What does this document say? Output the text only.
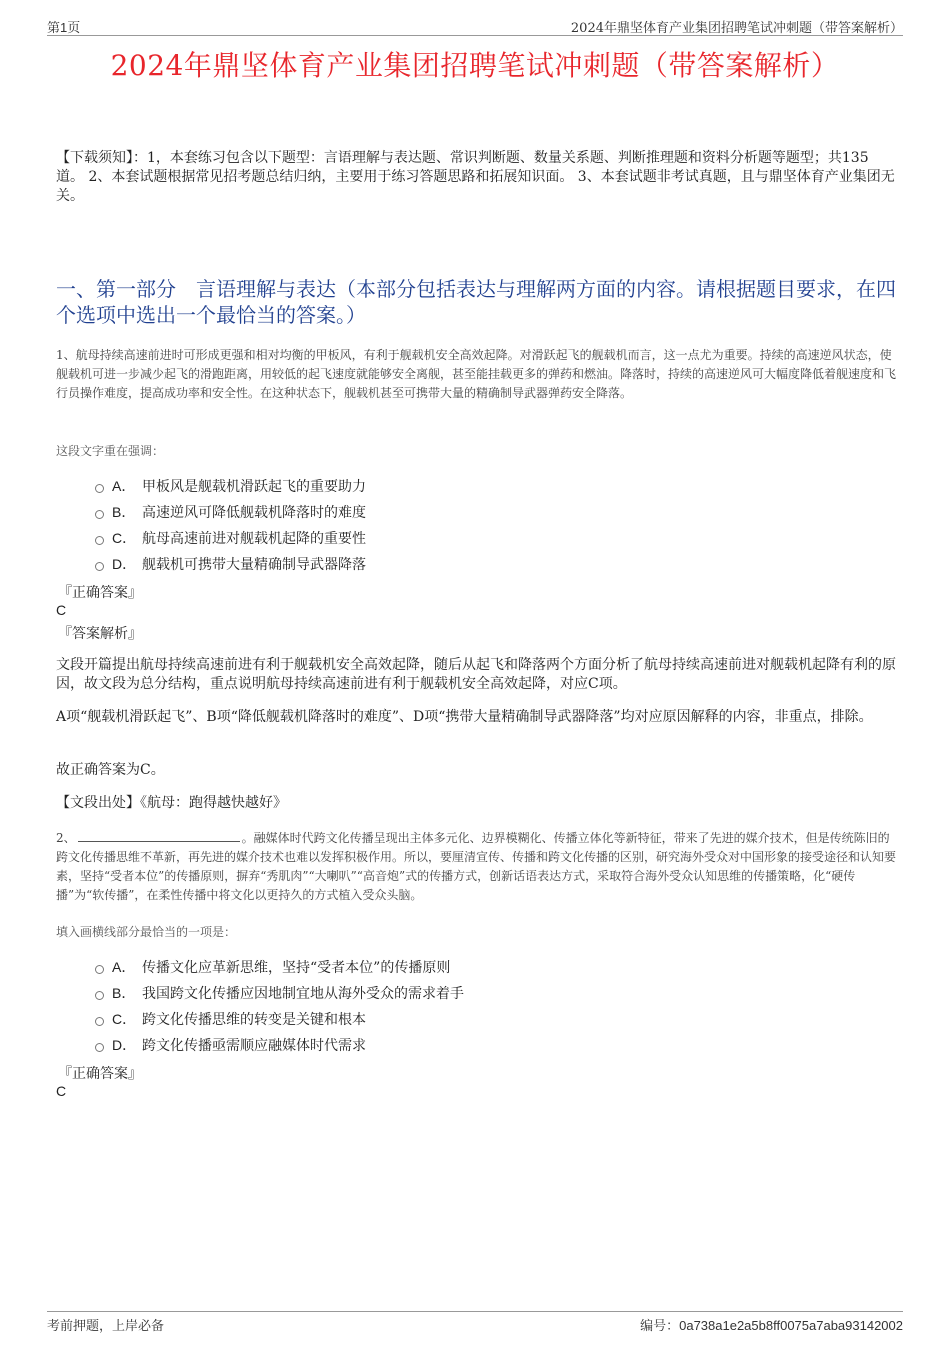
第1页	2024年鼎坚体育产业集团招聘笔试冲刺题（带答案解析）
2024年鼎坚体育产业集团招聘笔试冲刺题（带答案解析）
【下载须知】：1，本套练习包含以下题型：言语理解与表达题、常识判断题、数量关系题、判断推理题和资料分析题等题型；共135道。 2、本套试题根据常见招考题总结归纳，主要用于练习答题思路和拓展知识面。 3、本套试题非考试真题，且与鼎坚体育产业集团无关。
一、第一部分　言语理解与表达（本部分包括表达与理解两方面的内容。请根据题目要求，在四个选项中选出一个最恰当的答案。）
1、航母持续高速前进时可形成更强和相对均衡的甲板风，有利于舰载机安全高效起降。对滑跃起飞的舰载机而言，这一点尤为重要。持续的高速逆风状态，使舰载机可进一步减少起飞的滑跑距离，用较低的起飞速度就能够安全离舰，甚至能挂载更多的弹药和燃油。降落时，持续的高速逆风可大幅度降低着舰速度和飞行员操作难度，提高成功率和安全性。在这种状态下，舰载机甚至可携带大量的精确制导武器弹药安全降落。
这段文字重在强调：
A． 甲板风是舰载机滑跃起飞的重要助力
B． 高速逆风可降低舰载机降落时的难度
C． 航母高速前进对舰载机起降的重要性
D． 舰载机可携带大量精确制导武器降落
『正确答案』
C
『答案解析』
文段开篇提出航母持续高速前进有利于舰载机安全高效起降，随后从起飞和降落两个方面分析了航母持续高速前进对舰载机起降有利的原因，故文段为总分结构，重点说明航母持续高速前进有利于舰载机安全高效起降，对应C项。
A项“舰载机滑跃起飞”、B项“降低舰载机降落时的难度”、D项“携带大量精确制导武器降落”均对应原因解释的内容，非重点，排除。
故正确答案为C。
【文段出处】《航母：跑得越快越好》
2、	。融媒体时代跨文化传播呈现出主体多元化、边界模糊化、传播立体化等新特征，带来了先进的媒介技术，但是传统陈旧的跨文化传播思维不革新，再先进的媒介技术也难以发挥积极作用。所以，要厘清宣传、传播和跨文化传播的区别，研究海外受众对中国形象的接受途径和认知要素，坚持“受者本位”的传播原则，摒弃“秀肌肉”“大喇叭”“高音炮”式的传播方式，创新话语表达方式，采取符合海外受众认知思维的传播策略，化“硬传播”为“软传播”，在柔性传播中将文化以更持久的方式植入受众头脑。
填入画横线部分最恰当的一项是：
A． 传播文化应革新思维，坚持“受者本位”的传播原则
B． 我国跨文化传播应因地制宜地从海外受众的需求着手
C． 跨文化传播思维的转变是关键和根本
D． 跨文化传播亟需顺应融媒体时代需求
『正确答案』
C
考前押题，上岸必备	编号：0a738a1e2a5b8ff0075a7aba93142002
